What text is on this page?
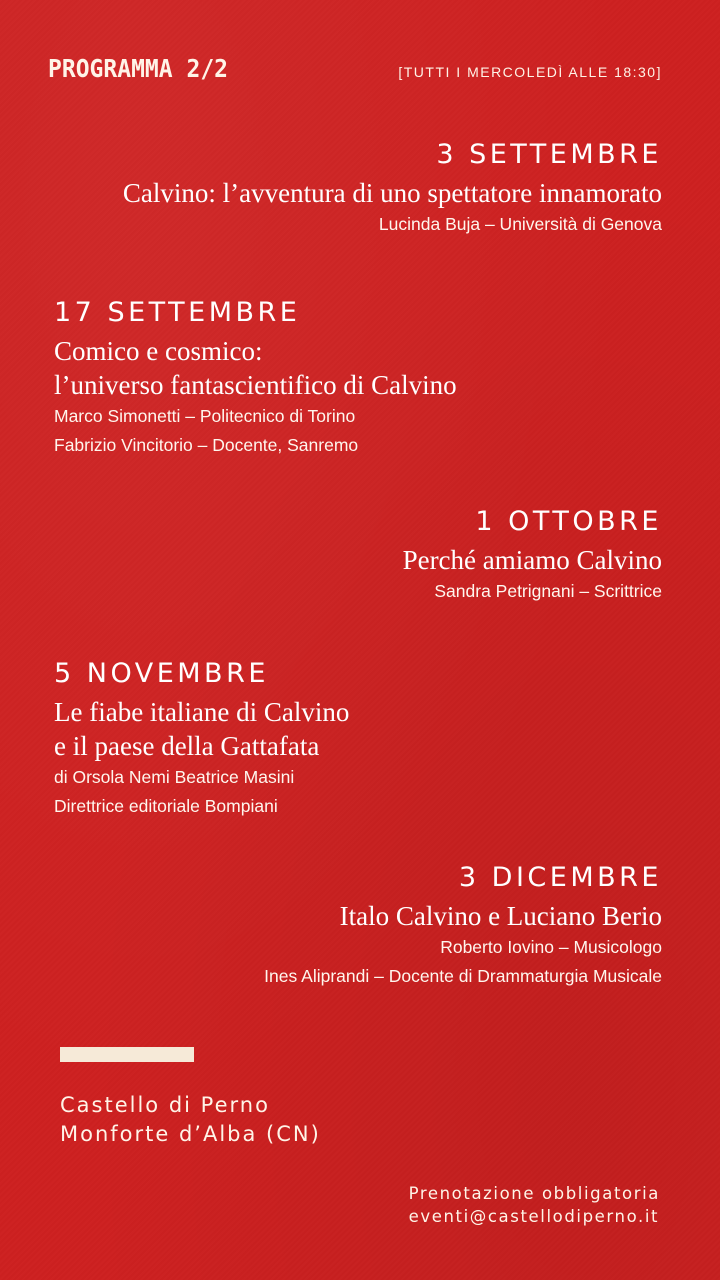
PROGRAMMA 2/2	[TUTTI I MERCOLEDÌ ALLE 18:30]
3 SETTEMBRE
Calvino: l’avventura di uno spettatore innamorato
Lucinda Buja – Università di Genova
17 SETTEMBRE
Comico e cosmico:
l’universo fantascientifico di Calvino
Marco Simonetti – Politecnico di Torino
Fabrizio Vincitorio – Docente, Sanremo
1 OTTOBRE
Perché amiamo Calvino
Sandra Petrignani – Scrittrice
5 NOVEMBRE
Le fiabe italiane di Calvino
e il paese della Gattafata
di Orsola Nemi Beatrice Masini
Direttrice editoriale Bompiani
3 DICEMBRE
Italo Calvino e Luciano Berio
Roberto Iovino – Musicologo
Ines Aliprandi – Docente di Drammaturgia Musicale
Castello di Perno
Monforte d’Alba (CN)
Prenotazione obbligatoria
eventi@castellodiperno.it
